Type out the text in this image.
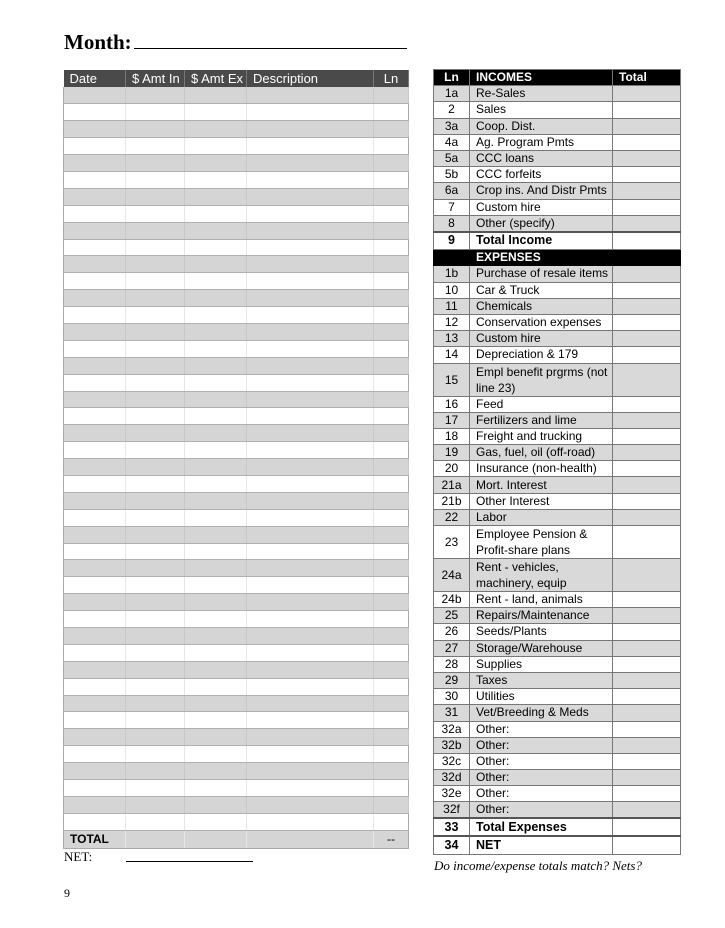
Month:
Date	$ Amt In	$ Amt Ex	Description	Ln

TOTAL				--
NET:
9
Ln	INCOMES	Total
1a	Re-Sales	
2	Sales	
3a	Coop. Dist.	
4a	Ag. Program Pmts	
5a	CCC loans	
5b	CCC forfeits	
6a	Crop ins. And Distr Pmts	
7	Custom hire	
8	Other (specify)	
9	Total Income	
	EXPENSES	
1b	Purchase of resale items	
10	Car & Truck	
11	Chemicals	
12	Conservation expenses	
13	Custom hire	
14	Depreciation & 179	
15	Empl benefit prgrms (not line 23)	
16	Feed	
17	Fertilizers and lime	
18	Freight and trucking	
19	Gas, fuel, oil (off-road)	
20	Insurance (non-health)	
21a	Mort. Interest	
21b	Other Interest	
22	Labor	
23	Employee Pension & Profit-share plans	
24a	Rent - vehicles, machinery, equip	
24b	Rent - land, animals	
25	Repairs/Maintenance	
26	Seeds/Plants	
27	Storage/Warehouse	
28	Supplies	
29	Taxes	
30	Utilities	
31	Vet/Breeding & Meds	
32a	Other:	
32b	Other:	
32c	Other:	
32d	Other:	
32e	Other:	
32f	Other:	
33	Total Expenses	
34	NET	
Do income/expense totals match? Nets?
